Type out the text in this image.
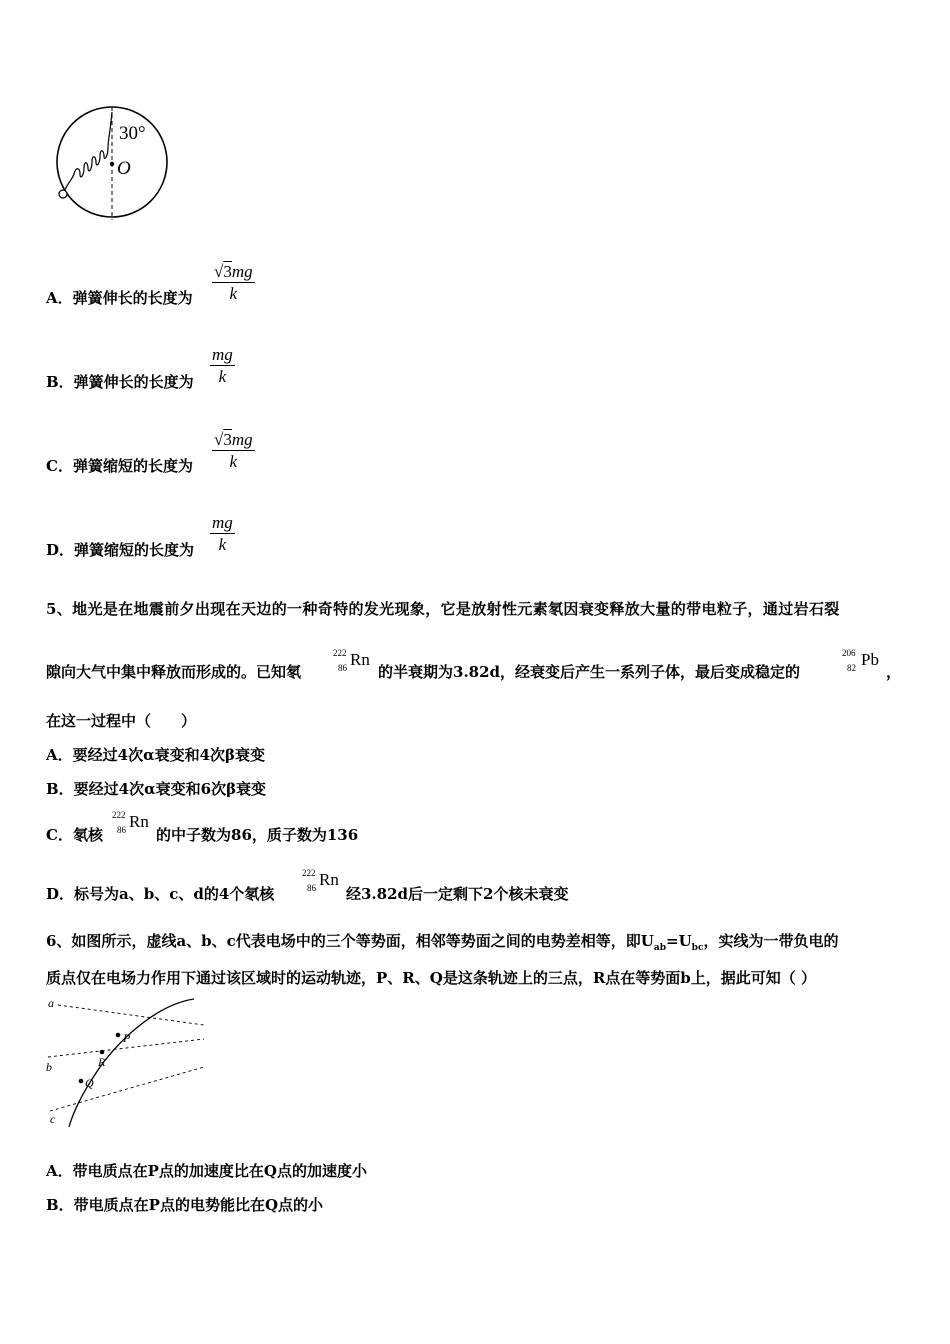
30°
O
A．弹簧伸长的长度为 $\frac{√3mg}{k}$
B．弹簧伸长的长度为 $\frac{mg}{k}$
C．弹簧缩短的长度为 $\frac{√3mg}{k}$
D．弹簧缩短的长度为 $\frac{mg}{k}$
5、地光是在地震前夕出现在天边的一种奇特的发光现象，它是放射性元素氡因衰变释放大量的带电粒子，通过岩石裂
隙向大气中集中释放而形成的。已知氡
222
86 Rn
的半衰期为3.82d，经衰变后产生一系列子体，最后变成稳定的
206
82 Pb
，
在这一过程中（　　）
A．要经过4次α衰变和4次β衰变
B．要经过4次α衰变和6次β衰变
C．氡核
222
86 Rn
的中子数为86，质子数为136
D．标号为a、b、c、d的4个氡核
222
86 Rn
经3.82d后一定剩下2个核未衰变
6、如图所示，虚线a、b、c代表电场中的三个等势面，相邻等势面之间的电势差相等，即$U_{ab}=U_{bc}$，实线为一带负电的
质点仅在电场力作用下通过该区域时的运动轨迹，P、R、Q是这条轨迹上的三点，R点在等势面b上，据此可知（ ）
a
b
c
P
R
Q
A．带电质点在P点的加速度比在Q点的加速度小
B．带电质点在P点的电势能比在Q点的小
